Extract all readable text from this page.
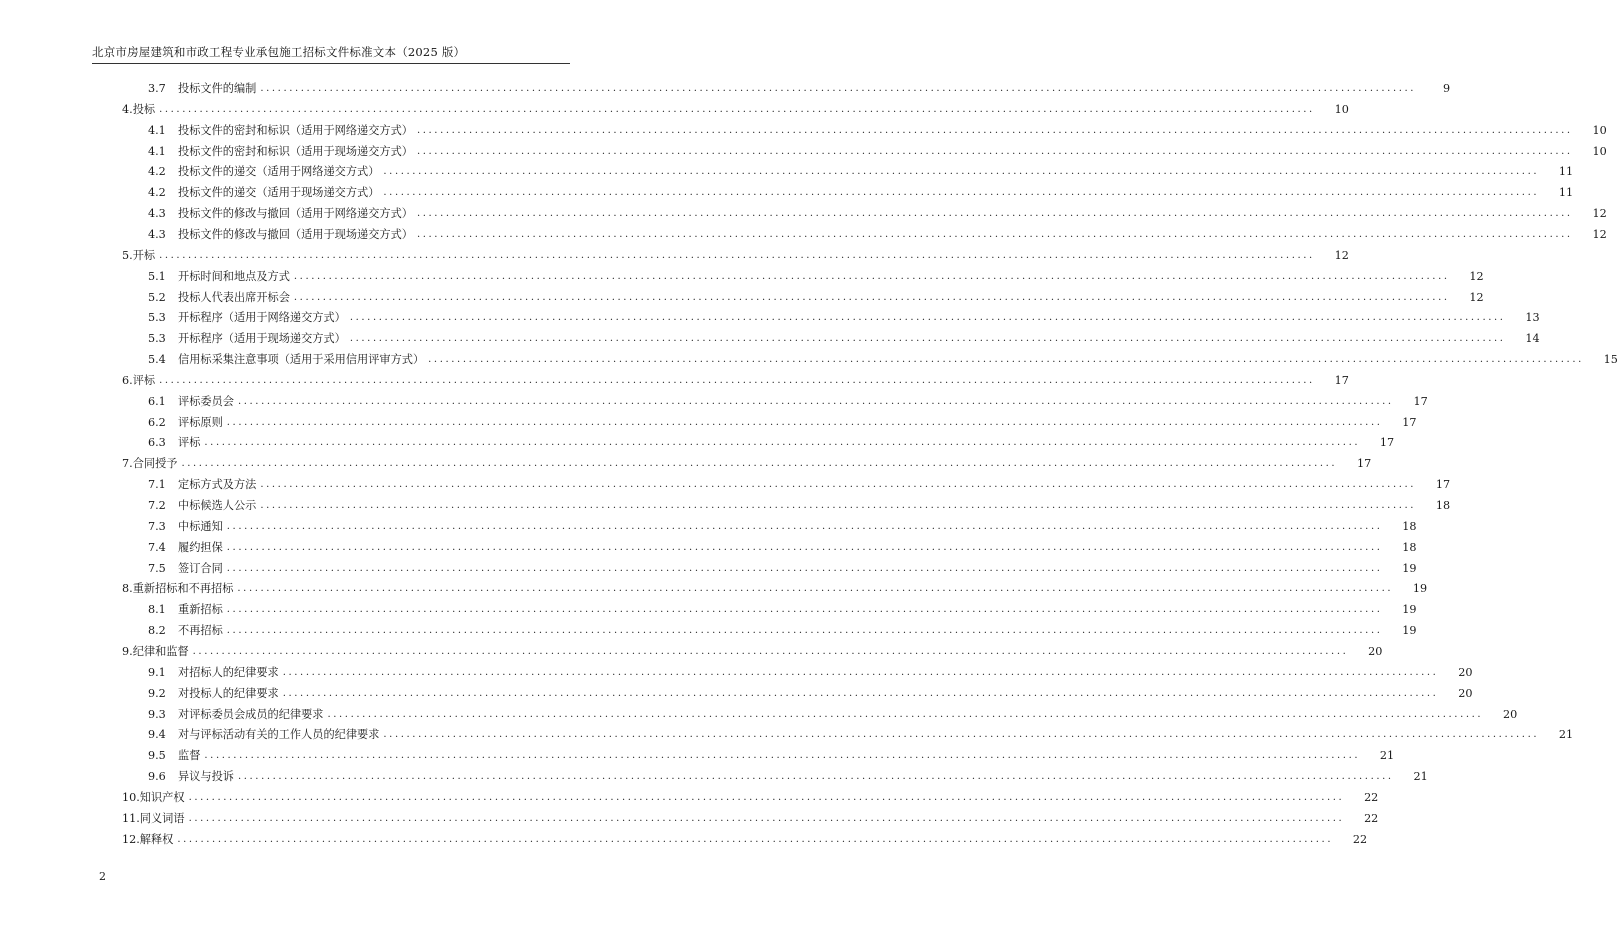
北京市房屋建筑和市政工程专业承包施工招标文件标准文本（2025 版）
3.7 投标文件的编制 ........................................................................................................................................................................................................	9
4.投标 ........................................................................................................................................................................................................	10
4.1 投标文件的密封和标识（适用于网络递交方式） ........................................................................................................................................................................................................	10
4.1 投标文件的密封和标识（适用于现场递交方式） ........................................................................................................................................................................................................	10
4.2 投标文件的递交（适用于网络递交方式） ........................................................................................................................................................................................................	11
4.2 投标文件的递交（适用于现场递交方式） ........................................................................................................................................................................................................	11
4.3 投标文件的修改与撤回（适用于网络递交方式） ........................................................................................................................................................................................................	12
4.3 投标文件的修改与撤回（适用于现场递交方式） ........................................................................................................................................................................................................	12
5.开标 ........................................................................................................................................................................................................	12
5.1 开标时间和地点及方式 ........................................................................................................................................................................................................	12
5.2 投标人代表出席开标会 ........................................................................................................................................................................................................	12
5.3 开标程序（适用于网络递交方式） ........................................................................................................................................................................................................	13
5.3 开标程序（适用于现场递交方式） ........................................................................................................................................................................................................	14
5.4 信用标采集注意事项（适用于采用信用评审方式） ........................................................................................................................................................................................................	15
6.评标 ........................................................................................................................................................................................................	17
6.1 评标委员会 ........................................................................................................................................................................................................	17
6.2 评标原则 ........................................................................................................................................................................................................	17
6.3 评标 ........................................................................................................................................................................................................	17
7.合同授予 ........................................................................................................................................................................................................	17
7.1 定标方式及方法 ........................................................................................................................................................................................................	17
7.2 中标候选人公示 ........................................................................................................................................................................................................	18
7.3 中标通知 ........................................................................................................................................................................................................	18
7.4 履约担保 ........................................................................................................................................................................................................	18
7.5 签订合同 ........................................................................................................................................................................................................	19
8.重新招标和不再招标 ........................................................................................................................................................................................................	19
8.1 重新招标 ........................................................................................................................................................................................................	19
8.2 不再招标 ........................................................................................................................................................................................................	19
9.纪律和监督 ........................................................................................................................................................................................................	20
9.1 对招标人的纪律要求 ........................................................................................................................................................................................................	20
9.2 对投标人的纪律要求 ........................................................................................................................................................................................................	20
9.3 对评标委员会成员的纪律要求 ........................................................................................................................................................................................................	20
9.4 对与评标活动有关的工作人员的纪律要求 ........................................................................................................................................................................................................	21
9.5 监督 ........................................................................................................................................................................................................	21
9.6 异议与投诉 ........................................................................................................................................................................................................	21
10.知识产权 ........................................................................................................................................................................................................	22
11.同义词语 ........................................................................................................................................................................................................	22
12.解释权 ........................................................................................................................................................................................................	22
2
